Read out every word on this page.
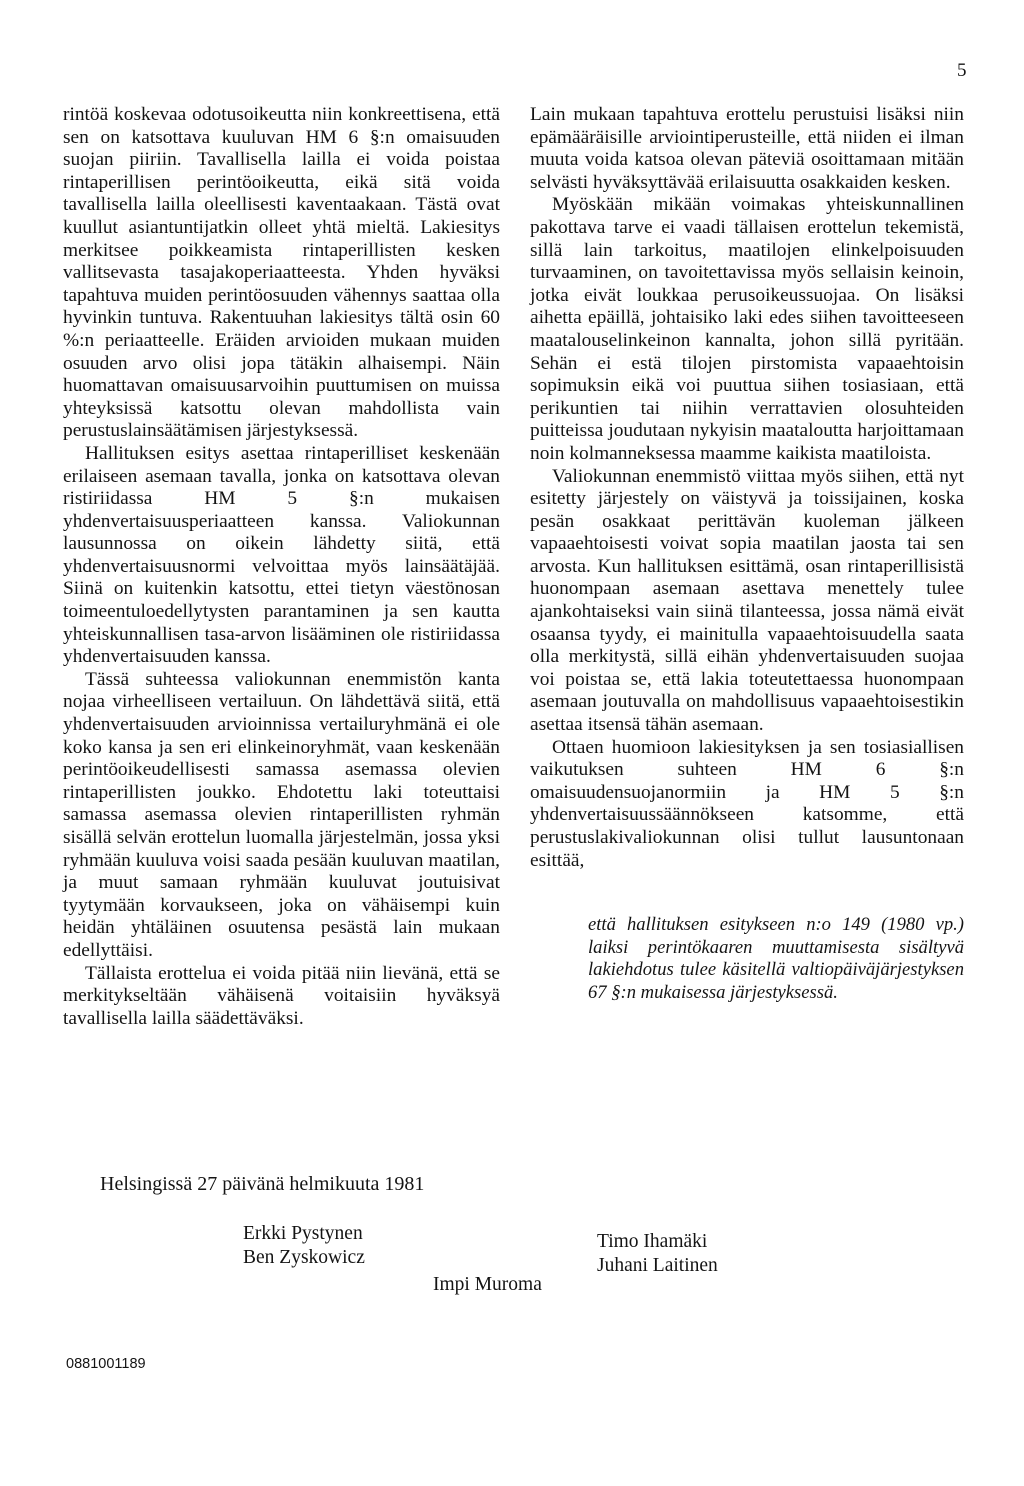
5

rintöä koskevaa odotusoikeutta niin konkreettisena, että sen on katsottava kuuluvan HM 6 §:n omaisuuden suojan piiriin. Tavallisella lailla ei voida poistaa rintaperillisen perintöoikeutta, eikä sitä voida tavallisella lailla oleellisesti kaventaakaan. Tästä ovat kuullut asiantuntijatkin olleet yhtä mieltä. Lakiesitys merkitsee poikkeamista rintaperillisten kesken vallitsevasta tasajakoperiaatteesta. Yhden hyväksi tapahtuva muiden perintöosuuden vähennys saattaa olla hyvinkin tuntuva. Rakentuuhan lakiesitys tältä osin 60 %:n periaatteelle. Eräiden arvioiden mukaan muiden osuuden arvo olisi jopa tätäkin alhaisempi. Näin huomattavan omaisuusarvoihin puuttumisen on muissa yhteyksissä katsottu olevan mahdollista vain perustuslainsäätämisen järjestyksessä.

Hallituksen esitys asettaa rintaperilliset keskenään erilaiseen asemaan tavalla, jonka on katsottava olevan ristiriidassa HM 5 §:n mukaisen yhdenvertaisuusperiaatteen kanssa. Valiokunnan lausunnossa on oikein lähdetty siitä, että yhdenvertaisuusnormi velvoittaa myös lainsäätäjää. Siinä on kuitenkin katsottu, ettei tietyn väestönosan toimeentuloedellytysten parantaminen ja sen kautta yhteiskunnallisen tasa-arvon lisääminen ole ristiriidassa yhdenvertaisuuden kanssa.

Tässä suhteessa valiokunnan enemmistön kanta nojaa virheelliseen vertailuun. On lähdettävä siitä, että yhdenvertaisuuden arvioinnissa vertailuryhmänä ei ole koko kansa ja sen eri elinkeinoryhmät, vaan keskenään perintöoikeudellisesti samassa asemassa olevien rintaperillisten joukko. Ehdotettu laki toteuttaisi samassa asemassa olevien rintaperillisten ryhmän sisällä selvän erottelun luomalla järjestelmän, jossa yksi ryhmään kuuluva voisi saada pesään kuuluvan maatilan, ja muut samaan ryhmään kuuluvat joutuisivat tyytymään korvaukseen, joka on vähäisempi kuin heidän yhtäläinen osuutensa pesästä lain mukaan edellyttäisi.

Tällaista erottelua ei voida pitää niin lievänä, että se merkitykseltään vähäisenä voitaisiin hyväksyä tavallisella lailla säädettäväksi.

Lain mukaan tapahtuva erottelu perustuisi lisäksi niin epämääräisille arviointiperusteille, että niiden ei ilman muuta voida katsoa olevan päteviä osoittamaan mitään selvästi hyväksyttävää erilaisuutta osakkaiden kesken.

Myöskään mikään voimakas yhteiskunnallinen pakottava tarve ei vaadi tällaisen erottelun tekemistä, sillä lain tarkoitus, maatilojen elinkelpoisuuden turvaaminen, on tavoitettavissa myös sellaisin keinoin, jotka eivät loukkaa perusoikeussuojaa. On lisäksi aihetta epäillä, johtaisiko laki edes siihen tavoitteeseen maatalouselinkeinon kannalta, johon sillä pyritään. Sehän ei estä tilojen pirstomista vapaaehtoisin sopimuksin eikä voi puuttua siihen tosiasiaan, että perikuntien tai niihin verrattavien olosuhteiden puitteissa joudutaan nykyisin maataloutta harjoittamaan noin kolmanneksessa maamme kaikista maatiloista.

Valiokunnan enemmistö viittaa myös siihen, että nyt esitetty järjestely on väistyvä ja toissijainen, koska pesän osakkaat perittävän kuoleman jälkeen vapaaehtoisesti voivat sopia maatilan jaosta tai sen arvosta. Kun hallituksen esittämä, osan rintaperillisistä huonompaan asemaan asettava menettely tulee ajankohtaiseksi vain siinä tilanteessa, jossa nämä eivät osaansa tyydy, ei mainitulla vapaaehtoisuudella saata olla merkitystä, sillä eihän yhdenvertaisuuden suojaa voi poistaa se, että lakia toteutettaessa huonompaan asemaan joutuvalla on mahdollisuus vapaaehtoisestikin asettaa itsensä tähän asemaan.

Ottaen huomioon lakiesityksen ja sen tosiasiallisen vaikutuksen suhteen HM 6 §:n omaisuudensuojanormiin ja HM 5 §:n yhdenvertaisuussäännökseen katsomme, että perustuslakivaliokunnan olisi tullut lausuntonaan esittää,

että hallituksen esitykseen n:o 149 (1980 vp.) laiksi perintökaaren muuttamisesta sisältyvä lakiehdotus tulee käsitellä valtiopäiväjärjestyksen 67 §:n mukaisessa järjestyksessä.
Helsingissä 27 päivänä helmikuuta 1981
Erkki Pystynen
Ben Zyskowicz
Impi Muroma
Timo Ihamäki
Juhani Laitinen
0881001189
